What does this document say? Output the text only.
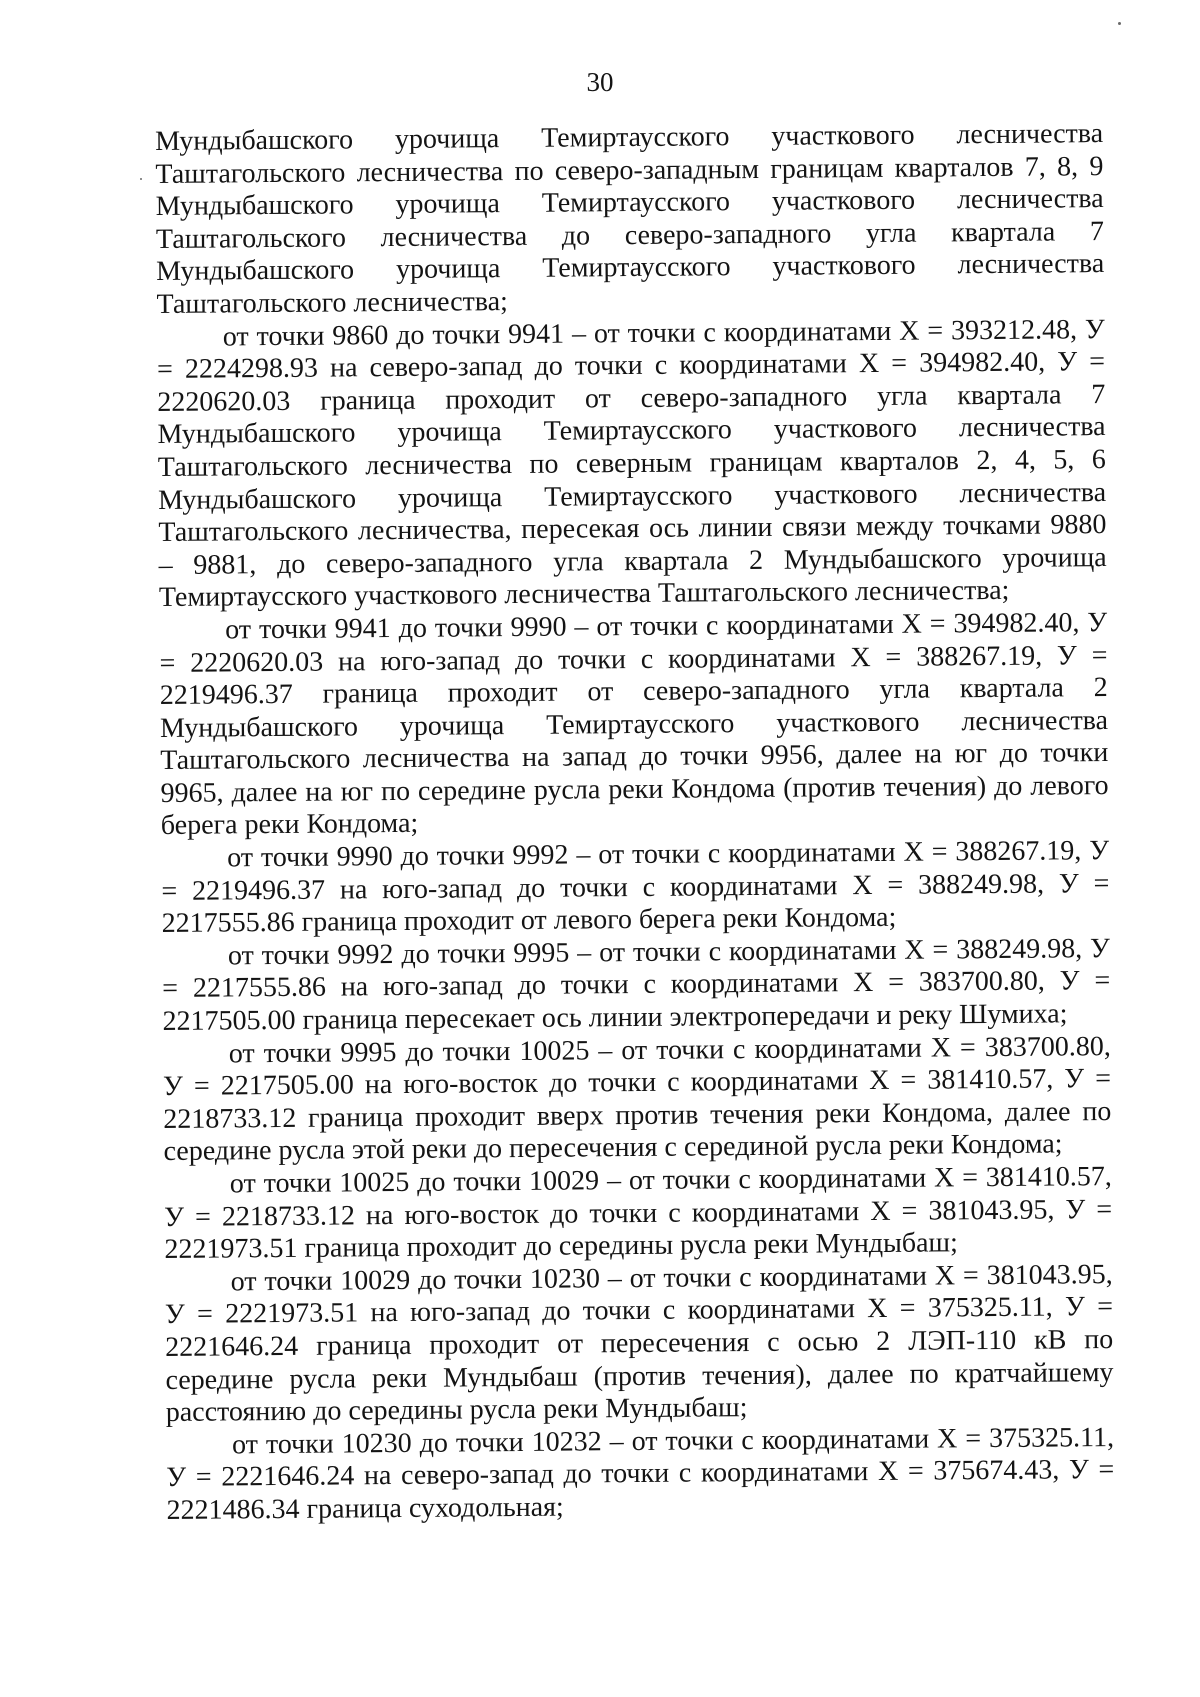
30

Мундыбашского урочища Темиртаусского участкового лесничества Таштагольского лесничества по северо-западным границам кварталов 7, 8, 9 Мундыбашского урочища Темиртаусского участкового лесничества Таштагольского лесничества до северо-западного угла квартала 7 Мундыбашского урочища Темиртаусского участкового лесничества Таштагольского лесничества;

от точки 9860 до точки 9941 – от точки с координатами Х = 393212.48, У = 2224298.93 на северо-запад до точки с координатами Х = 394982.40, У = 2220620.03 граница проходит от северо-западного угла квартала 7 Мундыбашского урочища Темиртаусского участкового лесничества Таштагольского лесничества по северным границам кварталов 2, 4, 5, 6 Мундыбашского урочища Темиртаусского участкового лесничества Таштагольского лесничества, пересекая ось линии связи между точками 9880 – 9881, до северо-западного угла квартала 2 Мундыбашского урочища Темиртаусского участкового лесничества Таштагольского лесничества;

от точки 9941 до точки 9990 – от точки с координатами Х = 394982.40, У = 2220620.03 на юго-запад до точки с координатами Х = 388267.19, У = 2219496.37 граница проходит от северо-западного угла квартала 2 Мундыбашского урочища Темиртаусского участкового лесничества Таштагольского лесничества на запад до точки 9956, далее на юг до точки 9965, далее на юг по середине русла реки Кондома (против течения) до левого берега реки Кондома;

от точки 9990 до точки 9992 – от точки с координатами Х = 388267.19, У = 2219496.37 на юго-запад до точки с координатами Х = 388249.98, У = 2217555.86 граница проходит от левого берега реки Кондома;

от точки 9992 до точки 9995 – от точки с координатами Х = 388249.98, У = 2217555.86 на юго-запад до точки с координатами Х = 383700.80, У = 2217505.00 граница пересекает ось линии электропередачи и реку Шумиха;

от точки 9995 до точки 10025 – от точки с координатами Х = 383700.80, У = 2217505.00 на юго-восток до точки с координатами Х = 381410.57, У = 2218733.12 граница проходит вверх против течения реки Кондома, далее по середине русла этой реки до пересечения с серединой русла реки Кондома;

от точки 10025 до точки 10029 – от точки с координатами Х = 381410.57, У = 2218733.12 на юго-восток до точки с координатами Х = 381043.95, У = 2221973.51 граница проходит до середины русла реки Мундыбаш;

от точки 10029 до точки 10230 – от точки с координатами Х = 381043.95, У = 2221973.51 на юго-запад до точки с координатами Х = 375325.11, У = 2221646.24 граница проходит от пересечения с осью 2 ЛЭП-110 кВ по середине русла реки Мундыбаш (против течения), далее по кратчайшему расстоянию до середины русла реки Мундыбаш;

от точки 10230 до точки 10232 – от точки с координатами Х = 375325.11, У = 2221646.24 на северо-запад до точки с координатами Х = 375674.43, У = 2221486.34 граница суходольная;
